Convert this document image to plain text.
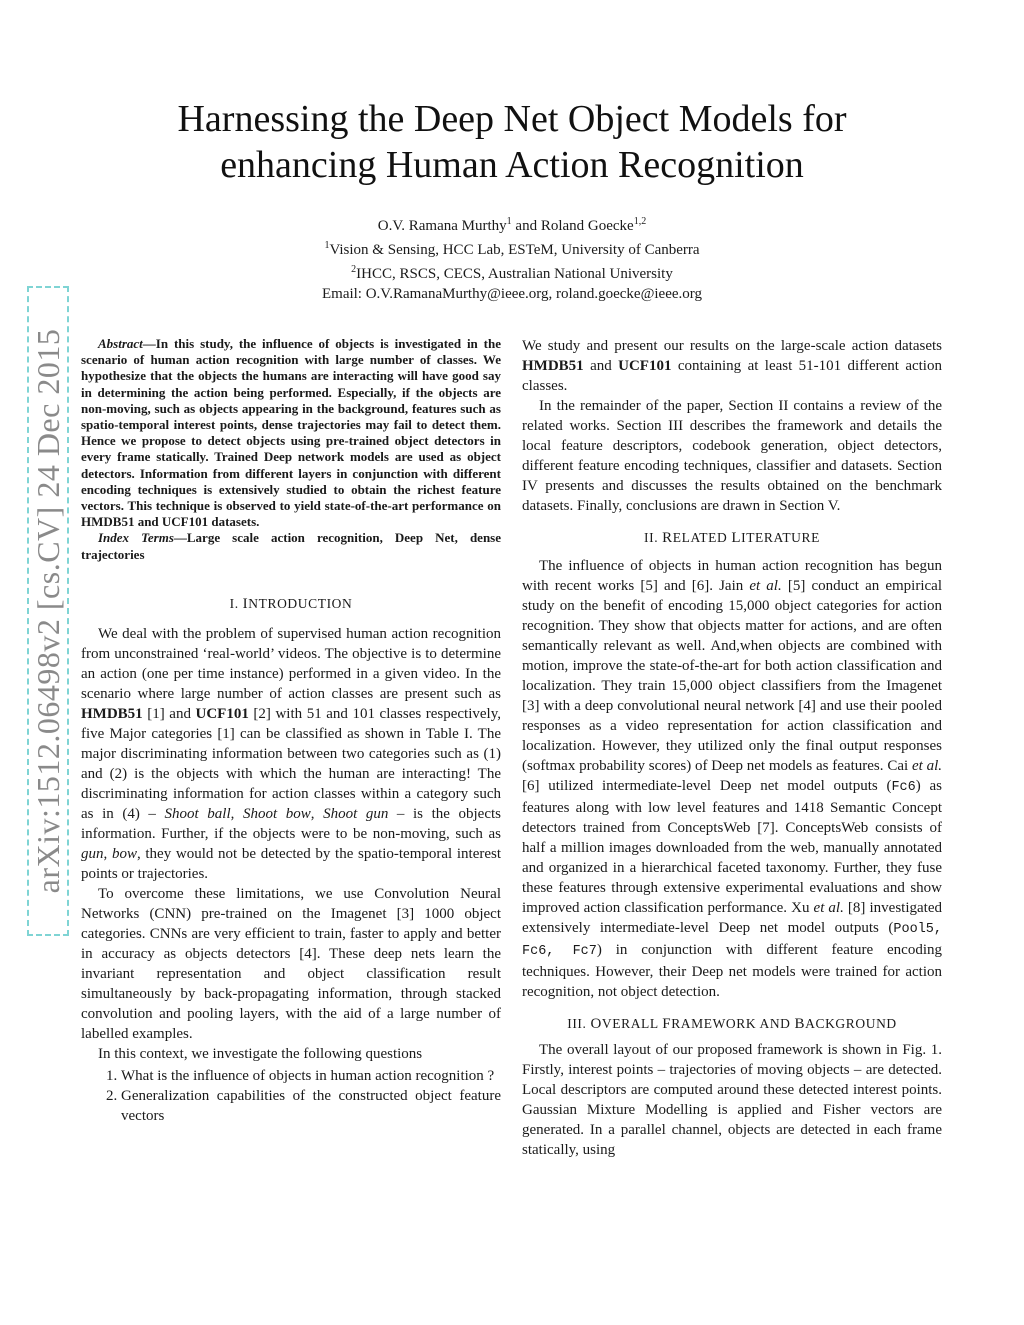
Harnessing the Deep Net Object Models for
enhancing Human Action Recognition
O.V. Ramana Murthy$^1$ and Roland Goecke$^{1,2}$
$^1$Vision & Sensing, HCC Lab, ESTeM, University of Canberra
$^2$IHCC, RSCS, CECS, Australian National University
Email: O.V.RamanaMurthy@ieee.org, roland.goecke@ieee.org
arXiv:1512.06498v2 [cs.CV] 24 Dec 2015	Abstract—In this study, the influence of objects is investigated in the scenario of human action recognition with large number of classes. We hypothesize that the objects the humans are interacting will have good say in determining the action being performed. Especially, if the objects are non-moving, such as objects appearing in the background, features such as spatio-temporal interest points, dense trajectories may fail to detect them. Hence we propose to detect objects using pre-trained object detectors in every frame statically. Trained Deep network models are used as object detectors. Information from different layers in conjunction with different encoding techniques is extensively studied to obtain the richest feature vectors. This technique is observed to yield state-of-the-art performance on HMDB51 and UCF101 datasets.

Index Terms—Large scale action recognition, Deep Net, dense trajectories

I. INTRODUCTION

We deal with the problem of supervised human action recognition from unconstrained ‘real-world’ videos. The objective is to determine an action (one per time instance) performed in a given video. In the scenario where large number of action classes are present such as HMDB51 [1] and UCF101 [2] with 51 and 101 classes respectively, five Major categories [1] can be classified as shown in Table I. The major discriminating information between two categories such as (1) and (2) is the objects with which the human are interacting! The discriminating information for action classes within a category such as in (4) – Shoot ball, Shoot bow, Shoot gun – is the objects information. Further, if the objects were to be non-moving, such as gun, bow, they would not be detected by the spatio-temporal interest points or trajectories.

To overcome these limitations, we use Convolution Neural Networks (CNN) pre-trained on the Imagenet [3] 1000 object categories. CNNs are very efficient to train, faster to apply and better in accuracy as objects detectors [4]. These deep nets learn the invariant representation and object classification result simultaneously by back-propagating information, through stacked convolution and pooling layers, with the aid of a large number of labelled examples.

In this context, we investigate the following questions

1. What is the influence of objects in human action recognition ?
2. Generalization capabilities of the constructed object feature vectors

We study and present our results on the large-scale action datasets HMDB51 and UCF101 containing at least 51-101 different action classes.

In the remainder of the paper, Section II contains a review of the related works. Section III describes the framework and details the local feature descriptors, codebook generation, object detectors, different feature encoding techniques, classifier and datasets. Section IV presents and discusses the results obtained on the benchmark datasets. Finally, conclusions are drawn in Section V.

II. RELATED LITERATURE

The influence of objects in human action recognition has begun with recent works [5] and [6]. Jain et al. [5] conduct an empirical study on the benefit of encoding 15,000 object categories for action recognition. They show that objects matter for actions, and are often semantically relevant as well. And,when objects are combined with motion, improve the state-of-the-art for both action classification and localization. They train 15,000 object classifiers from the Imagenet [3] with a deep convolutional neural network [4] and use their pooled responses as a video representation for action classification and localization. However, they utilized only the final output responses (softmax probability scores) of Deep net models as features. Cai et al. [6] utilized intermediate-level Deep net model outputs (Fc6) as features along with low level features and 1418 Semantic Concept detectors trained from ConceptsWeb [7]. ConceptsWeb consists of half a million images downloaded from the web, manually annotated and organized in a hierarchical faceted taxonomy. Further, they fuse these features through extensive experimental evaluations and show improved action classification performance. Xu et al. [8] investigated extensively intermediate-level Deep net model outputs (Pool5, Fc6, Fc7) in conjunction with different feature encoding techniques. However, their Deep net models were trained for action recognition, not object detection.

III. OVERALL FRAMEWORK AND BACKGROUND

The overall layout of our proposed framework is shown in Fig. 1. Firstly, interest points – trajectories of moving objects – are detected. Local descriptors are computed around these detected interest points. Gaussian Mixture Modelling is applied and Fisher vectors are generated. In a parallel channel, objects are detected in each frame statically, using
